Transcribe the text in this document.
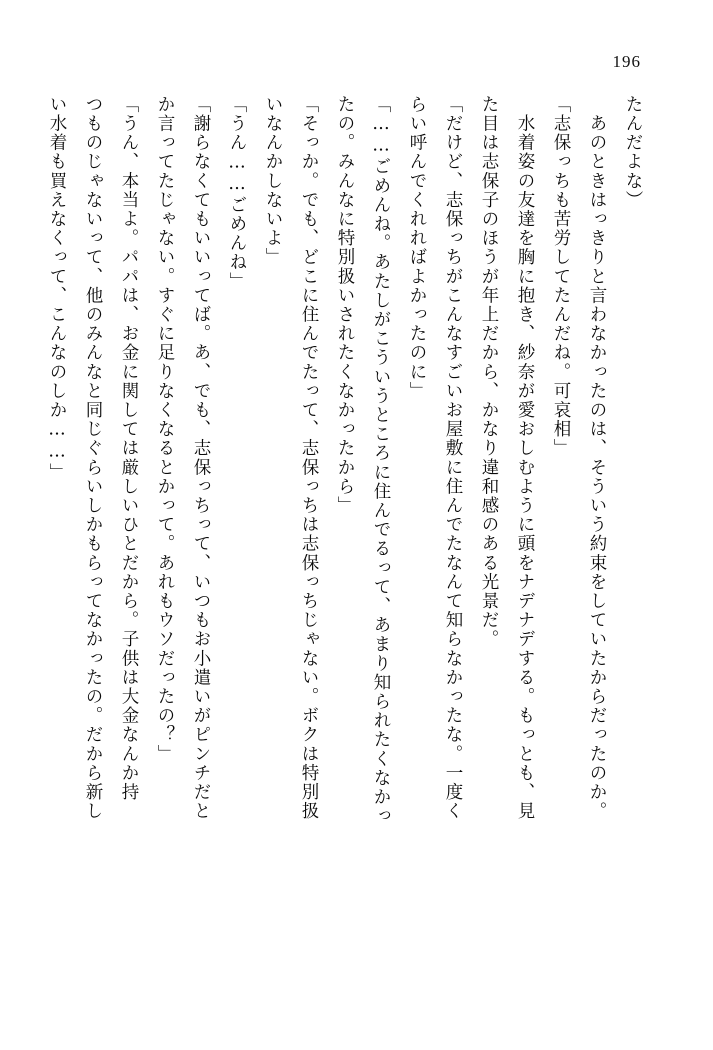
196
たんだよな）
　あのときはっきりと言わなかったのは、そういう約束をしていたからだったのか。
「志保っちも苦労してたんだね。可哀相」
　水着姿の友達を胸に抱き、紗奈が愛おしむように頭をナデナデする。もっとも、見
た目は志保子のほうが年上だから、かなり違和感のある光景だ。
「だけど、志保っちがこんなすごいお屋敷に住んでたなんて知らなかったな。一度く
らい呼んでくれればよかったのに」
「……ごめんね。あたしがこういうところに住んでるって、あまり知られたくなかっ
たの。みんなに特別扱いされたくなかったから」
「そっか。でも、どこに住んでたって、志保っちは志保っちじゃない。ボクは特別扱
いなんかしないよ」
「うん……ごめんね」
「謝らなくてもいいってば。あ、でも、志保っちって、いつもお小遣いがピンチだと
か言ってたじゃない。すぐに足りなくなるとかって。あれもウソだったの？」
「うん、本当よ。パパは、お金に関しては厳しいひとだから。子供は大金なんか持
つものじゃないって、他のみんなと同じぐらいしかもらってなかったの。だから新し
い水着も買えなくって、こんなのしか……」
